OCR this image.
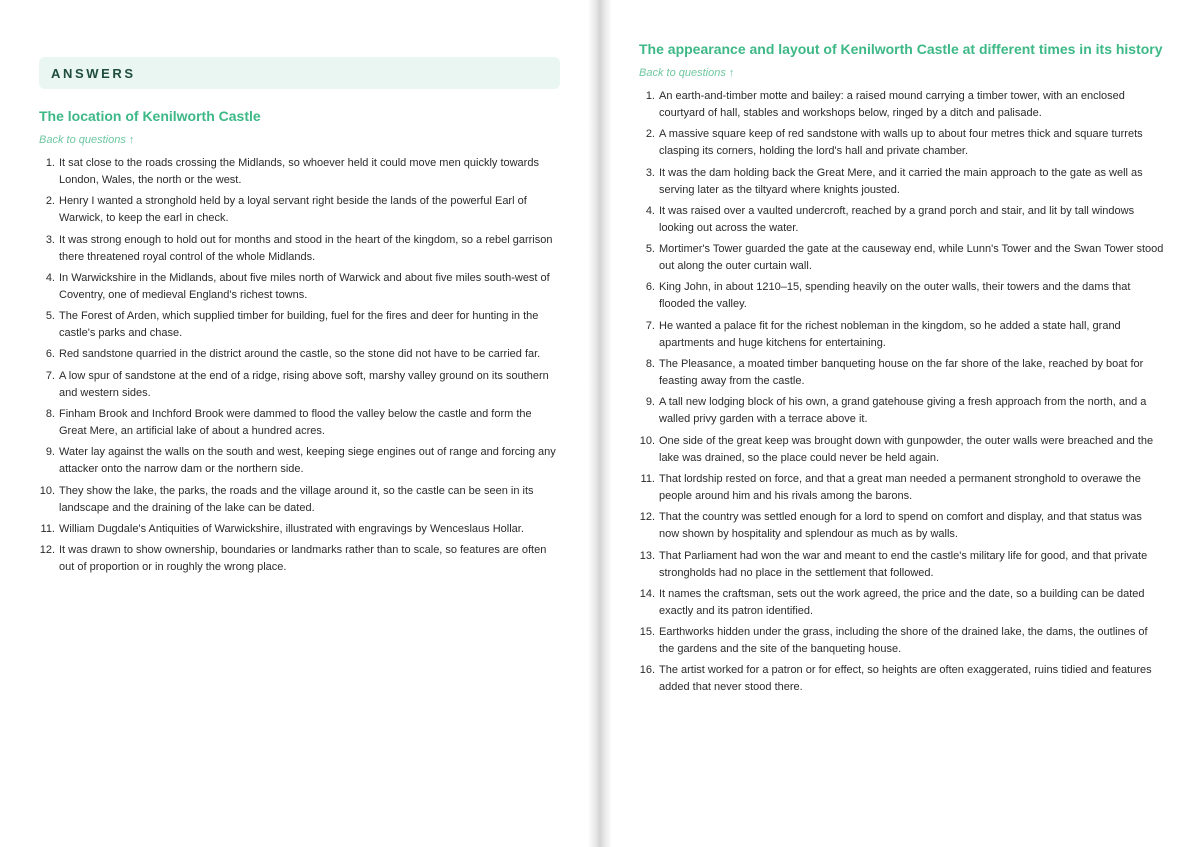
ANSWERS
The location of Kenilworth Castle
Back to questions ↑
1. It sat close to the roads crossing the Midlands, so whoever held it could move men quickly towards London, Wales, the north or the west.
2. Henry I wanted a stronghold held by a loyal servant right beside the lands of the powerful Earl of Warwick, to keep the earl in check.
3. It was strong enough to hold out for months and stood in the heart of the kingdom, so a rebel garrison there threatened royal control of the whole Midlands.
4. In Warwickshire in the Midlands, about five miles north of Warwick and about five miles south-west of Coventry, one of medieval England's richest towns.
5. The Forest of Arden, which supplied timber for building, fuel for the fires and deer for hunting in the castle's parks and chase.
6. Red sandstone quarried in the district around the castle, so the stone did not have to be carried far.
7. A low spur of sandstone at the end of a ridge, rising above soft, marshy valley ground on its southern and western sides.
8. Finham Brook and Inchford Brook were dammed to flood the valley below the castle and form the Great Mere, an artificial lake of about a hundred acres.
9. Water lay against the walls on the south and west, keeping siege engines out of range and forcing any attacker onto the narrow dam or the northern side.
10. They show the lake, the parks, the roads and the village around it, so the castle can be seen in its landscape and the draining of the lake can be dated.
11. William Dugdale's Antiquities of Warwickshire, illustrated with engravings by Wenceslaus Hollar.
12. It was drawn to show ownership, boundaries or landmarks rather than to scale, so features are often out of proportion or in roughly the wrong place.
The appearance and layout of Kenilworth Castle at different times in its history
Back to questions ↑
1. An earth-and-timber motte and bailey: a raised mound carrying a timber tower, with an enclosed courtyard of hall, stables and workshops below, ringed by a ditch and palisade.
2. A massive square keep of red sandstone with walls up to about four metres thick and square turrets clasping its corners, holding the lord's hall and private chamber.
3. It was the dam holding back the Great Mere, and it carried the main approach to the gate as well as serving later as the tiltyard where knights jousted.
4. It was raised over a vaulted undercroft, reached by a grand porch and stair, and lit by tall windows looking out across the water.
5. Mortimer's Tower guarded the gate at the causeway end, while Lunn's Tower and the Swan Tower stood out along the outer curtain wall.
6. King John, in about 1210–15, spending heavily on the outer walls, their towers and the dams that flooded the valley.
7. He wanted a palace fit for the richest nobleman in the kingdom, so he added a state hall, grand apartments and huge kitchens for entertaining.
8. The Pleasance, a moated timber banqueting house on the far shore of the lake, reached by boat for feasting away from the castle.
9. A tall new lodging block of his own, a grand gatehouse giving a fresh approach from the north, and a walled privy garden with a terrace above it.
10. One side of the great keep was brought down with gunpowder, the outer walls were breached and the lake was drained, so the place could never be held again.
11. That lordship rested on force, and that a great man needed a permanent stronghold to overawe the people around him and his rivals among the barons.
12. That the country was settled enough for a lord to spend on comfort and display, and that status was now shown by hospitality and splendour as much as by walls.
13. That Parliament had won the war and meant to end the castle's military life for good, and that private strongholds had no place in the settlement that followed.
14. It names the craftsman, sets out the work agreed, the price and the date, so a building can be dated exactly and its patron identified.
15. Earthworks hidden under the grass, including the shore of the drained lake, the dams, the outlines of the gardens and the site of the banqueting house.
16. The artist worked for a patron or for effect, so heights are often exaggerated, ruins tidied and features added that never stood there.
